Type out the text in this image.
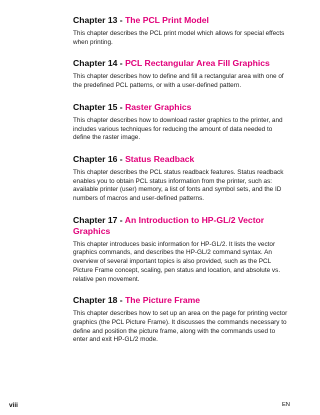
Chapter 13 - The PCL Print Model

This chapter describes the PCL print model which allows for special effects when printing.

Chapter 14 - PCL Rectangular Area Fill Graphics

This chapter describes how to define and fill a rectangular area with one of the predefined PCL patterns, or with a user-defined pattern.

Chapter 15 - Raster Graphics

This chapter describes how to download raster graphics to the printer, and includes various techniques for reducing the amount of data needed to define the raster image.

Chapter 16 - Status Readback

This chapter describes the PCL status readback features. Status readback enables you to obtain PCL status information from the printer, such as: available printer (user) memory, a list of fonts and symbol sets, and the ID numbers of macros and user-defined patterns.

Chapter 17 - An Introduction to HP-GL/2 Vector Graphics

This chapter introduces basic information for HP-GL/2. It lists the vector graphics commands, and describes the HP-GL/2 command syntax. An overview of several important topics is also provided, such as the PCL Picture Frame concept, scaling, pen status and location, and absolute vs. relative pen movement.

Chapter 18 - The Picture Frame

This chapter describes how to set up an area on the page for printing vector graphics (the PCL Picture Frame). It discusses the commands necessary to define and position the picture frame, along with the commands used to enter and exit HP-GL/2 mode.

viii	EN
